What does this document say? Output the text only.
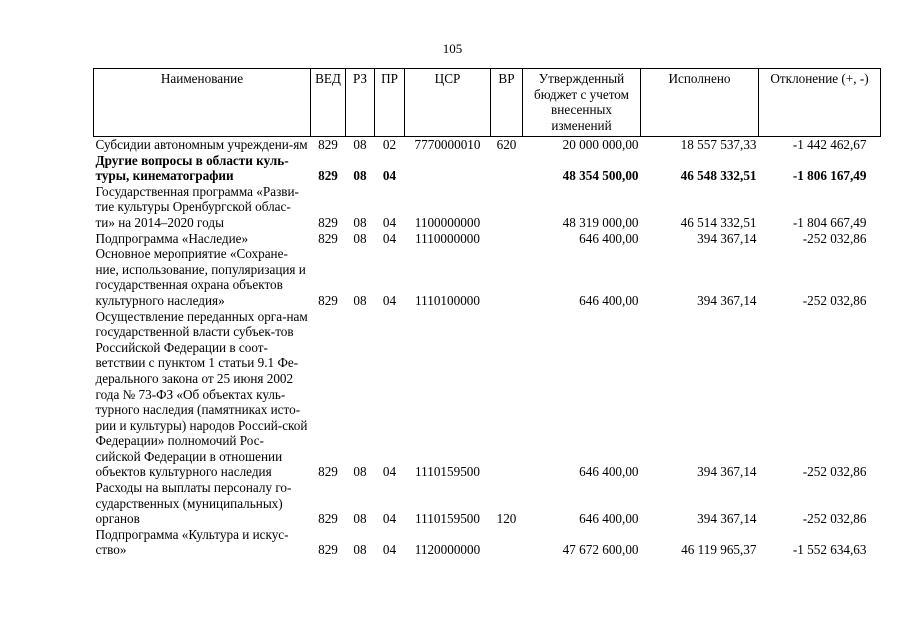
105
Наименование	ВЕД	РЗ	ПР	ЦСР	ВР	Утвержденный бюджет с учетом внесенных изменений	Исполнено	Отклонение (+, -)
Субсидии автономным учреждени-ям	829	08	02	7770000010	620	20 000 000,00	18 557 537,33	-1 442 462,67
Другие вопросы в области куль-туры, кинематографии	829	08	04			48 354 500,00	46 548 332,51	-1 806 167,49
Государственная программа «Разви-тие культуры Оренбургской облас-ти» на 2014–2020 годы	829	08	04	1100000000		48 319 000,00	46 514 332,51	-1 804 667,49
Подпрограмма «Наследие»	829	08	04	1110000000		646 400,00	394 367,14	-252 032,86
Основное мероприятие «Сохране-ние, использование, популяризация и государственная охрана объектов культурного наследия»	829	08	04	1110100000		646 400,00	394 367,14	-252 032,86
Осуществление переданных орга-нам государственной власти субъек-тов Российской Федерации в соот-ветствии с пунктом 1 статьи 9.1 Фе-дерального закона от 25 июня 2002 года № 73-ФЗ «Об объектах куль-турного наследия (памятниках исто-рии и культуры) народов Россий-ской Федерации» полномочий Рос-сийской Федерации в отношении объектов культурного наследия	829	08	04	1110159500		646 400,00	394 367,14	-252 032,86
Расходы на выплаты персоналу го-сударственных (муниципальных) органов	829	08	04	1110159500	120	646 400,00	394 367,14	-252 032,86
Подпрограмма «Культура и искус-ство»	829	08	04	1120000000		47 672 600,00	46 119 965,37	-1 552 634,63
